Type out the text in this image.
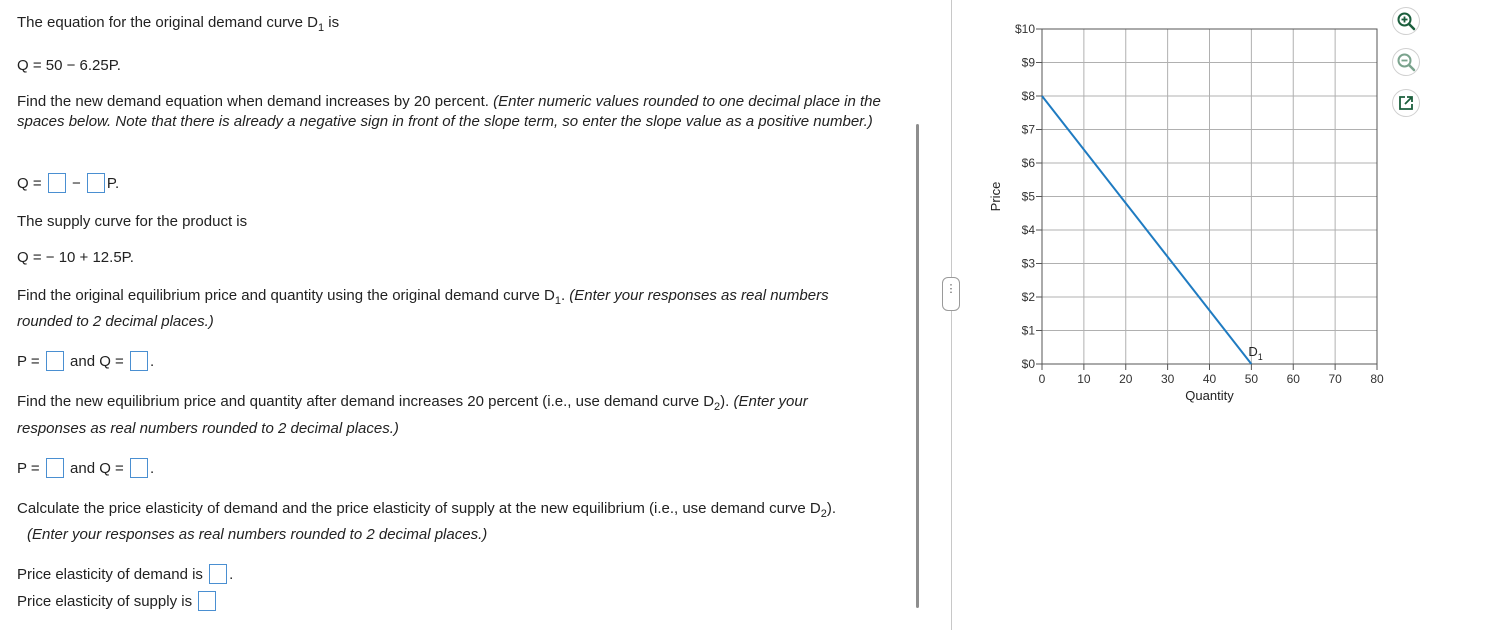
The equation for the original demand curve $D_1$ is
Q = 50 − 6.25P.
Find the new demand equation when demand increases by 20 percent. (Enter numeric values rounded to one decimal place in the spaces below. Note that there is already a negative sign in front of the slope term, so enter the slope value as a positive number.)
Q = − P.
The supply curve for the product is
Q = − 10 + 12.5P.
Find the original equilibrium price and quantity using the original demand curve $D_1$. (Enter your responses as real numbers
rounded to 2 decimal places.)
P = and Q = .
Find the new equilibrium price and quantity after demand increases 20 percent (i.e., use demand curve $D_2$). (Enter your
responses as real numbers rounded to 2 decimal places.)
P = and Q = .
Calculate the price elasticity of demand and the price elasticity of supply at the new equilibrium (i.e., use demand curve $D_2$).
(Enter your responses as real numbers rounded to 2 decimal places.)
Price elasticity of demand is .
Price elasticity of supply is
⋮
$0
$1
$2
$3
$4
$5
$6
$7
$8
$9
$10
0	10 20 30 40 50 60 70 80
$D_1$
Quantity
Price
